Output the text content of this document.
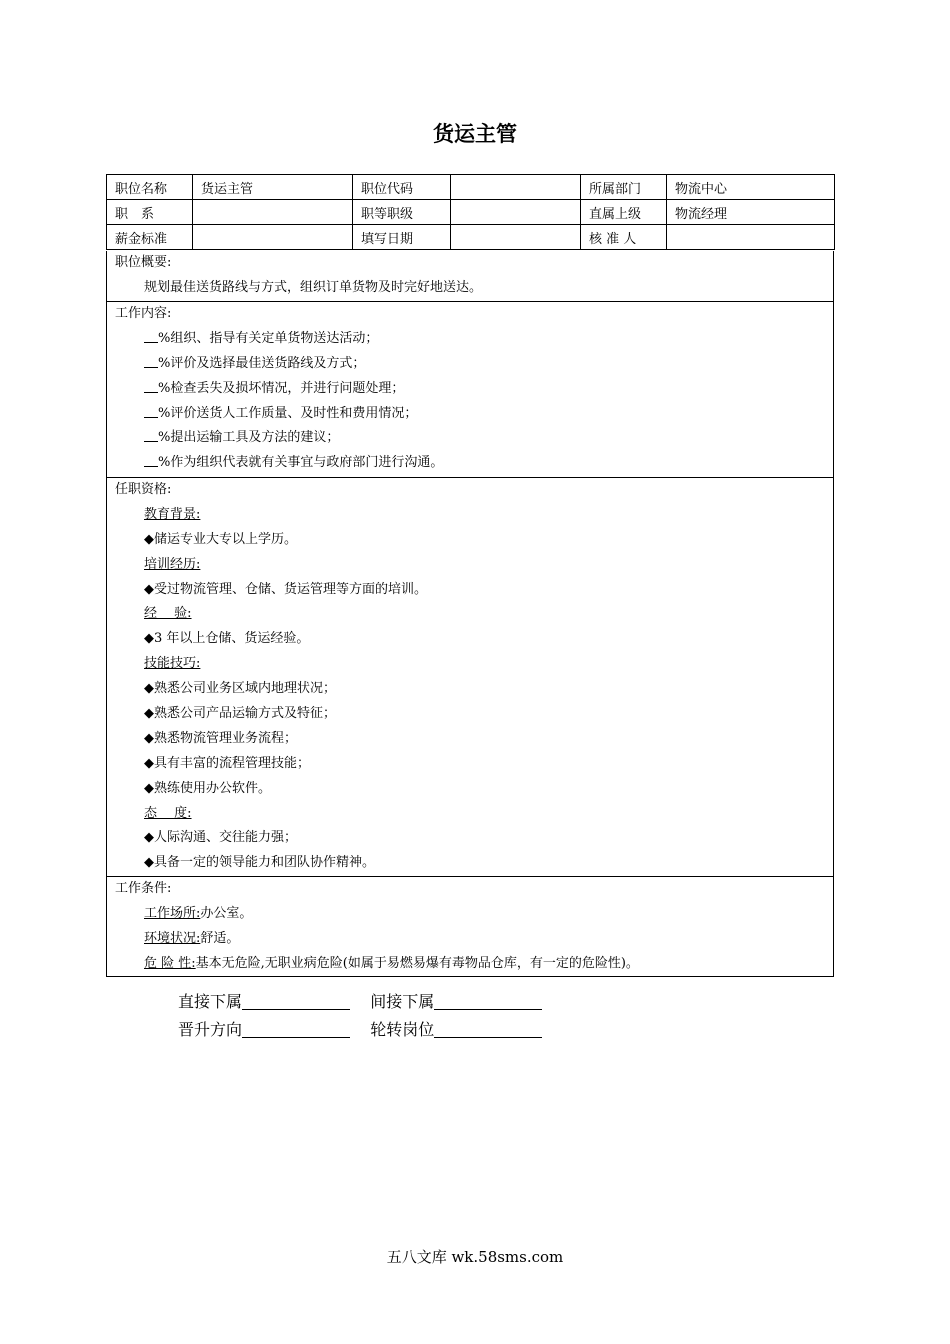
货运主管
职位名称	货运主管	职位代码		所属部门	物流中心
职　系		职等职级		直属上级	物流经理
薪金标准		填写日期		核 准 人	
职位概要:
规划最佳送货路线与方式，组织订单货物及时完好地送达。
工作内容:
%组织、指导有关定单货物送达活动；
%评价及选择最佳送货路线及方式；
%检查丢失及损坏情况，并进行问题处理；
%评价送货人工作质量、及时性和费用情况；
%提出运输工具及方法的建议；
%作为组织代表就有关事宜与政府部门进行沟通。
任职资格:
教育背景:
◆储运专业大专以上学历。
培训经历:
◆受过物流管理、仓储、货运管理等方面的培训。
经　 验:
◆3 年以上仓储、货运经验。
技能技巧:
◆熟悉公司业务区域内地理状况；
◆熟悉公司产品运输方式及特征；
◆熟悉物流管理业务流程；
◆具有丰富的流程管理技能；
◆熟练使用办公软件。
态　 度:
◆人际沟通、交往能力强；
◆具备一定的领导能力和团队协作精神。
工作条件:
工作场所:办公室。
环境状况:舒适。
危 险 性:基本无危险,无职业病危险(如属于易燃易爆有毒物品仓库，有一定的危险性)。
直接下属	间接下属
晋升方向	轮转岗位
五八文库 wk.58sms.com
